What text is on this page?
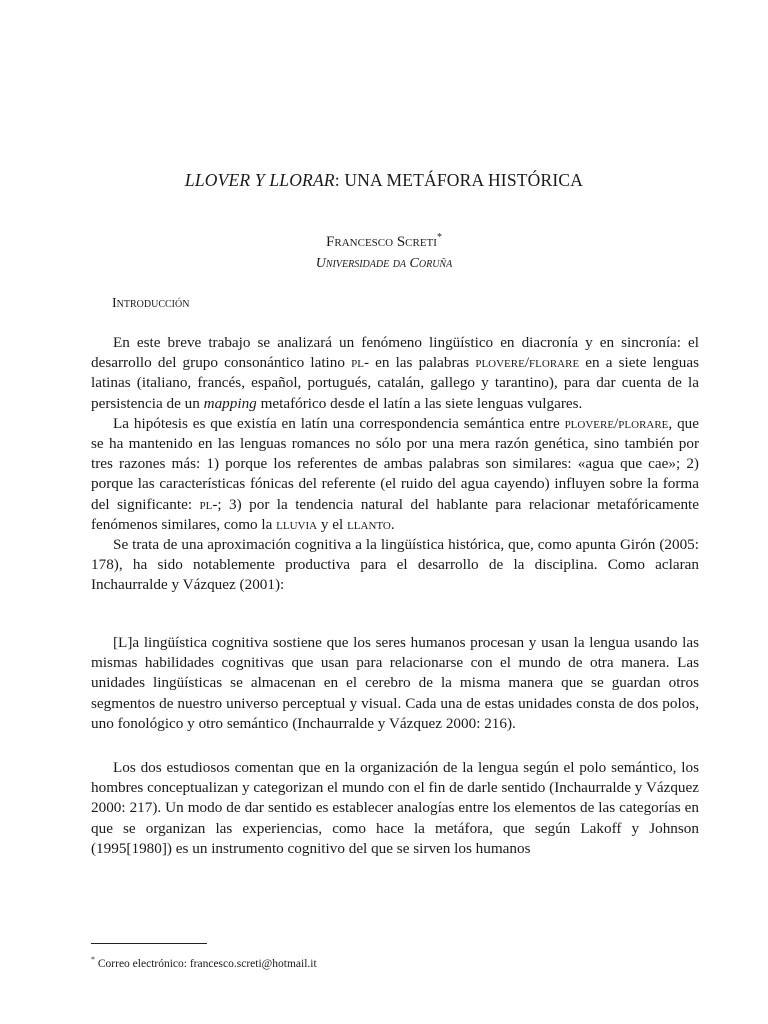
LLOVER Y LLORAR: UNA METÁFORA HISTÓRICA
Francesco Screti*
Universidade da Coruña
Introducción

En este breve trabajo se analizará un fenómeno lingüístico en diacronía y en sincronía: el desarrollo del grupo consonántico latino pl- en las palabras plovere/florare en a siete lenguas latinas (italiano, francés, español, portugués, catalán, gallego y tarantino), para dar cuenta de la persistencia de un mapping metafórico desde el latín a las siete lenguas vulgares.

La hipótesis es que existía en latín una correspondencia semántica entre plovere/plorare, que se ha mantenido en las lenguas romances no sólo por una mera razón genética, sino también por tres razones más: 1) porque los referentes de ambas palabras son similares: «agua que cae»; 2) porque las características fónicas del referente (el ruido del agua cayendo) influyen sobre la forma del significante: pl-; 3) por la tendencia natural del hablante para relacionar metafóricamente fenómenos similares, como la lluvia y el llanto.

Se trata de una aproximación cognitiva a la lingüística histórica, que, como apunta Girón (2005: 178), ha sido notablemente productiva para el desarrollo de la disciplina. Como aclaran Inchaurralde y Vázquez (2001):

[L]a lingüística cognitiva sostiene que los seres humanos procesan y usan la lengua usando las mismas habilidades cognitivas que usan para relacionarse con el mundo de otra manera. Las unidades lingüísticas se almacenan en el cerebro de la misma manera que se guardan otros segmentos de nuestro universo perceptual y visual. Cada una de estas unidades consta de dos polos, uno fonológico y otro semántico (Inchaurralde y Vázquez 2000: 216).

Los dos estudiosos comentan que en la organización de la lengua según el polo semántico, los hombres conceptualizan y categorizan el mundo con el fin de darle sentido (Inchaurralde y Vázquez 2000: 217). Un modo de dar sentido es establecer analogías entre los elementos de las categorías en que se organizan las experiencias, como hace la metáfora, que según Lakoff y Johnson (1995[1980]) es un instrumento cognitivo del que se sirven los humanos

* Correo electrónico: francesco.screti@hotmail.it
